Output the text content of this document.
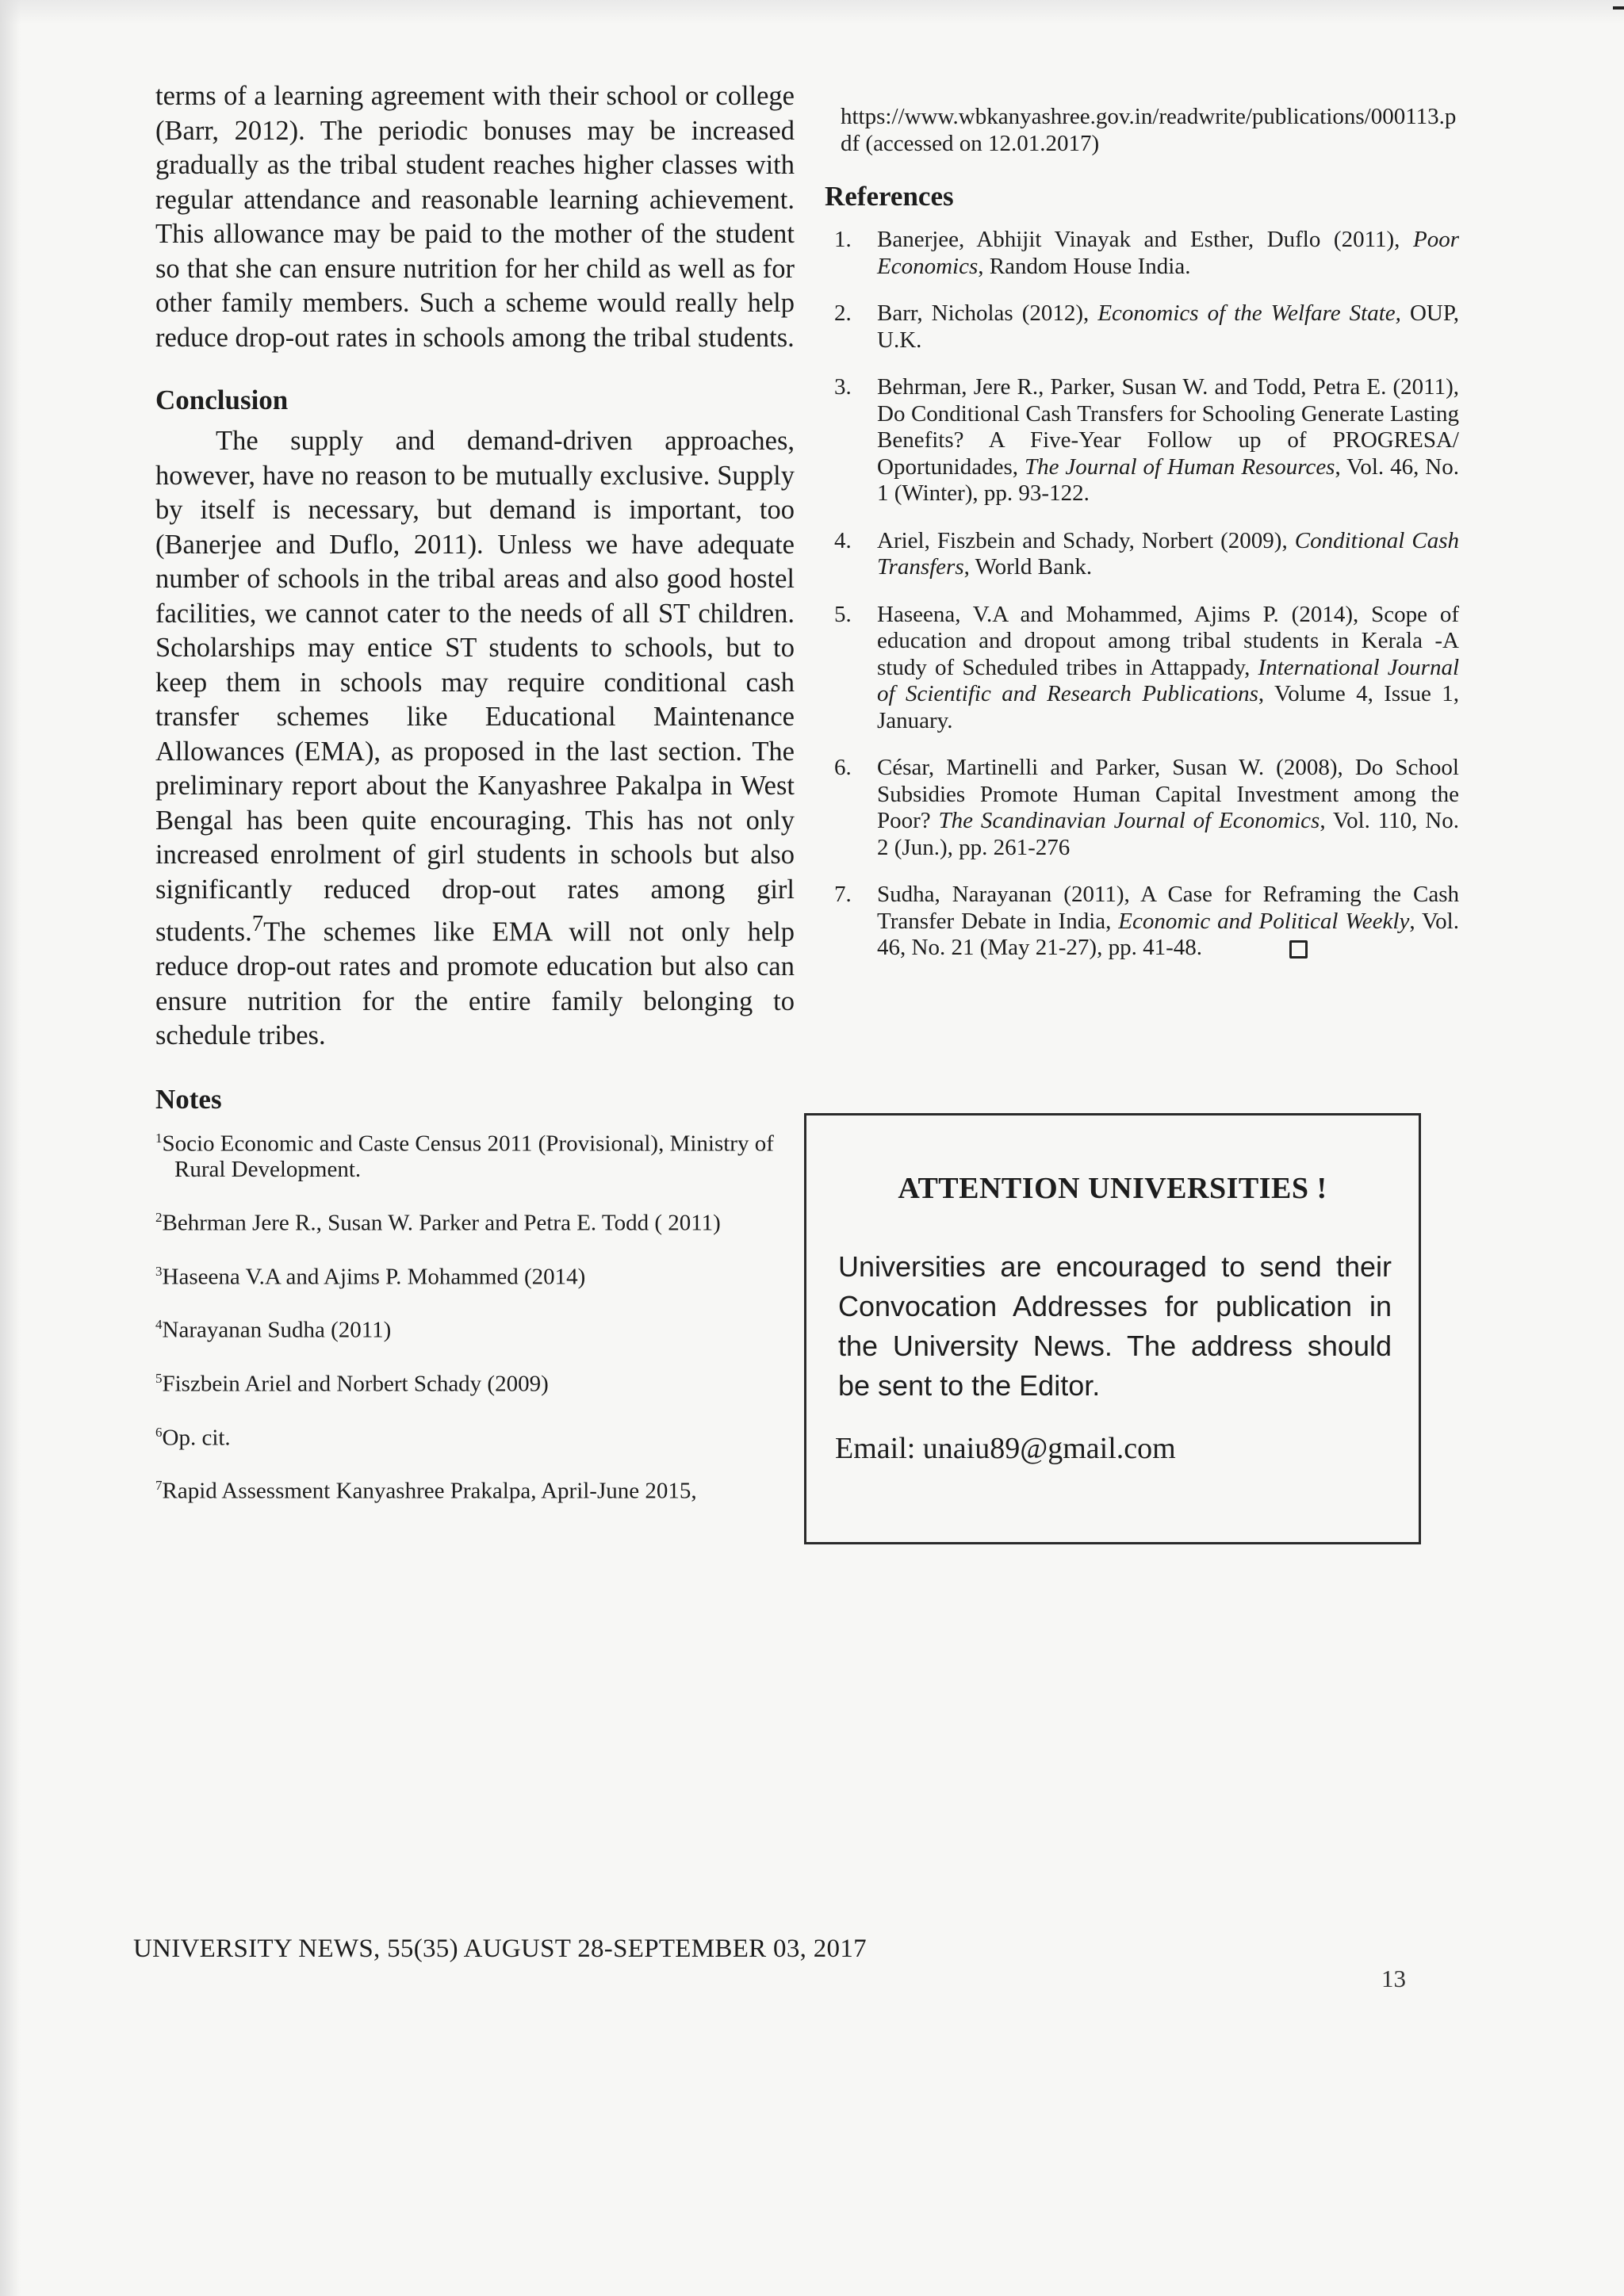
terms of a learning agreement with their school or college (Barr, 2012). The periodic bonuses may be increased gradually as the tribal student reaches higher classes with regular attendance and reasonable learning achievement. This allowance may be paid to the mother of the student so that she can ensure nutrition for her child as well as for other family members. Such a scheme would really help reduce drop-out rates in schools among the tribal students.

Conclusion

The supply and demand-driven approaches, however, have no reason to be mutually exclusive. Supply by itself is necessary, but demand is important, too (Banerjee and Duflo, 2011). Unless we have adequate number of schools in the tribal areas and also good hostel facilities, we cannot cater to the needs of all ST children. Scholarships may entice ST students to schools, but to keep them in schools may require conditional cash transfer schemes like Educational Maintenance Allowances (EMA), as proposed in the last section. The preliminary report about the Kanyashree Pakalpa in West Bengal has been quite encouraging. This has not only increased enrolment of girl students in schools but also significantly reduced drop-out rates among girl students.$^7$The schemes like EMA will not only help reduce drop-out rates and promote education but also can ensure nutrition for the entire family belonging to schedule tribes.

Notes

$^1$Socio Economic and Caste Census 2011 (Provisional), Ministry of Rural Development.

$^2$Behrman Jere R., Susan W. Parker and Petra E. Todd ( 2011)

$^3$Haseena V.A and Ajims P. Mohammed (2014)

$^4$Narayanan Sudha (2011)

$^5$Fiszbein Ariel and Norbert Schady (2009)

$^6$Op. cit.

$^7$Rapid Assessment Kanyashree Prakalpa, April-June 2015,

https://www.wbkanyashree.gov.in/readwrite/publications/000113.pdf (accessed on 12.01.2017)

References
1. Banerjee, Abhijit Vinayak and Esther, Duflo (2011), Poor Economics, Random House India.
2. Barr, Nicholas (2012), Economics of the Welfare State, OUP, U.K.
3. Behrman, Jere R., Parker, Susan W. and Todd, Petra E. (2011), Do Conditional Cash Transfers for Schooling Generate Lasting Benefits? A Five-Year Follow up of PROGRESA/ Oportunidades, The Journal of Human Resources, Vol. 46, No. 1 (Winter), pp. 93-122.
4. Ariel, Fiszbein and Schady, Norbert (2009), Conditional Cash Transfers, World Bank.
5. Haseena, V.A and Mohammed, Ajims P. (2014), Scope of education and dropout among tribal students in Kerala -A study of Scheduled tribes in Attappady, International Journal of Scientific and Research Publications, Volume 4, Issue 1, January.
6. César, Martinelli and Parker, Susan W. (2008), Do School Subsidies Promote Human Capital Investment among the Poor? The Scandinavian Journal of Economics, Vol. 110, No. 2 (Jun.), pp. 261-276
7. Sudha, Narayanan (2011), A Case for Reframing the Cash Transfer Debate in India, Economic and Political Weekly, Vol. 46, No. 21 (May 21-27), pp. 41-48.
ATTENTION UNIVERSITIES !
Universities are encouraged to send their Convocation Addresses for publication in the University News. The address should be sent to the Editor.
Email: unaiu89@gmail.com
UNIVERSITY NEWS, 55(35) AUGUST 28-SEPTEMBER 03, 2017
13
